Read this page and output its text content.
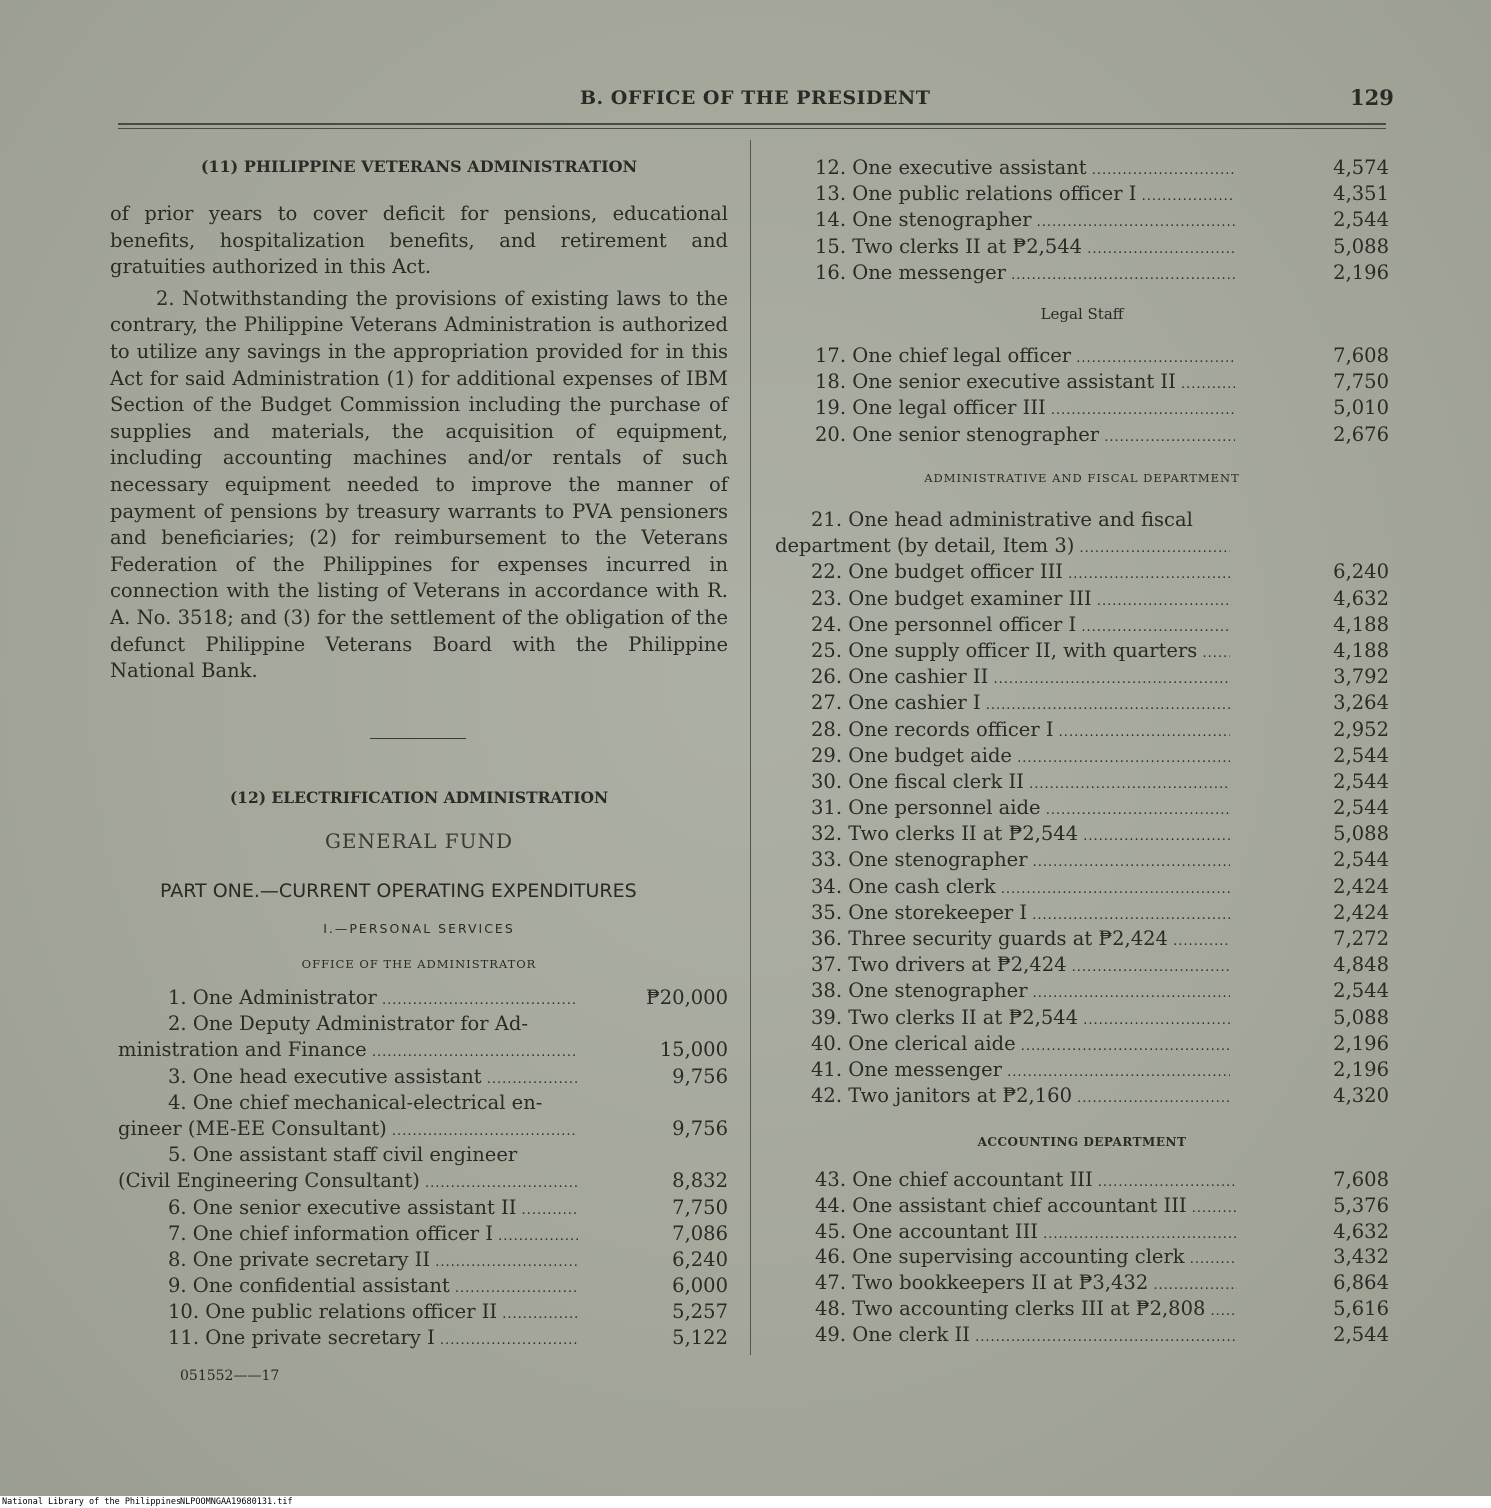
B. OFFICE OF THE PRESIDENT	129

(11) PHILIPPINE VETERANS ADMINISTRATION

of prior years to cover deficit for pensions, educational benefits, hospitalization benefits, and retirement and gratuities authorized in this Act.

2. Notwithstanding the provisions of existing laws to the contrary, the Philippine Veterans Administration is authorized to utilize any savings in the appropriation provided for in this Act for said Administration (1) for additional expenses of IBM Section of the Budget Commission including the purchase of supplies and materials, the acquisition of equipment, including accounting machines and/or rentals of such necessary equipment needed to improve the manner of payment of pensions by treasury warrants to PVA pensioners and beneficiaries; (2) for reimbursement to the Veterans Federation of the Philippines for expenses incurred in connection with the listing of Veterans in accordance with R. A. No. 3518; and (3) for the settlement of the obligation of the defunct Philippine Veterans Board with the Philippine National Bank.

(12) ELECTRIFICATION ADMINISTRATION
GENERAL FUND
PART ONE.—CURRENT OPERATING EXPENDITURES
I.—PERSONAL SERVICES
OFFICE OF THE ADMINISTRATOR
1. One Administrator .....	₱20,000
2. One Deputy Administrator for Ad-
ministration and Finance .....	15,000
3. One head executive assistant .....	9,756
4. One chief mechanical-electrical en-
gineer (ME-EE Consultant) .....	9,756
5. One assistant staff civil engineer
(Civil Engineering Consultant) .....	8,832
6. One senior executive assistant II .....	7,750
7. One chief information officer I .....	7,086
8. One private secretary II .....	6,240
9. One confidential assistant .....	6,000
10. One public relations officer II .....	5,257
11. One private secretary I .....	5,122
051552——17
12. One executive assistant .....	4,574
13. One public relations officer I .....	4,351
14. One stenographer .....	2,544
15. Two clerks II at ₱2,544 .....	5,088
16. One messenger .....	2,196
Legal Staff
17. One chief legal officer .....	7,608
18. One senior executive assistant II .....	7,750
19. One legal officer III .....	5,010
20. One senior stenographer .....	2,676
ADMINISTRATIVE AND FISCAL DEPARTMENT
21. One head administrative and fiscal
department (by detail, Item 3) .....
22. One budget officer III .....	6,240
23. One budget examiner III .....	4,632
24. One personnel officer I .....	4,188
25. One supply officer II, with quarters .....	4,188
26. One cashier II .....	3,792
27. One cashier I .....	3,264
28. One records officer I .....	2,952
29. One budget aide .....	2,544
30. One fiscal clerk II .....	2,544
31. One personnel aide .....	2,544
32. Two clerks II at ₱2,544 .....	5,088
33. One stenographer .....	2,544
34. One cash clerk .....	2,424
35. One storekeeper I .....	2,424
36. Three security guards at ₱2,424 .....	7,272
37. Two drivers at ₱2,424 .....	4,848
38. One stenographer .....	2,544
39. Two clerks II at ₱2,544 .....	5,088
40. One clerical aide .....	2,196
41. One messenger .....	2,196
42. Two janitors at ₱2,160 .....	4,320
ACCOUNTING DEPARTMENT
43. One chief accountant III .....	7,608
44. One assistant chief accountant III .....	5,376
45. One accountant III .....	4,632
46. One supervising accounting clerk .....	3,432
47. Two bookkeepers II at ₱3,432 .....	6,864
48. Two accounting clerks III at ₱2,808 .....	5,616
49. One clerk II .....	2,544
National Library of the Philippines
NLPOOMNGAA19680131.tif
